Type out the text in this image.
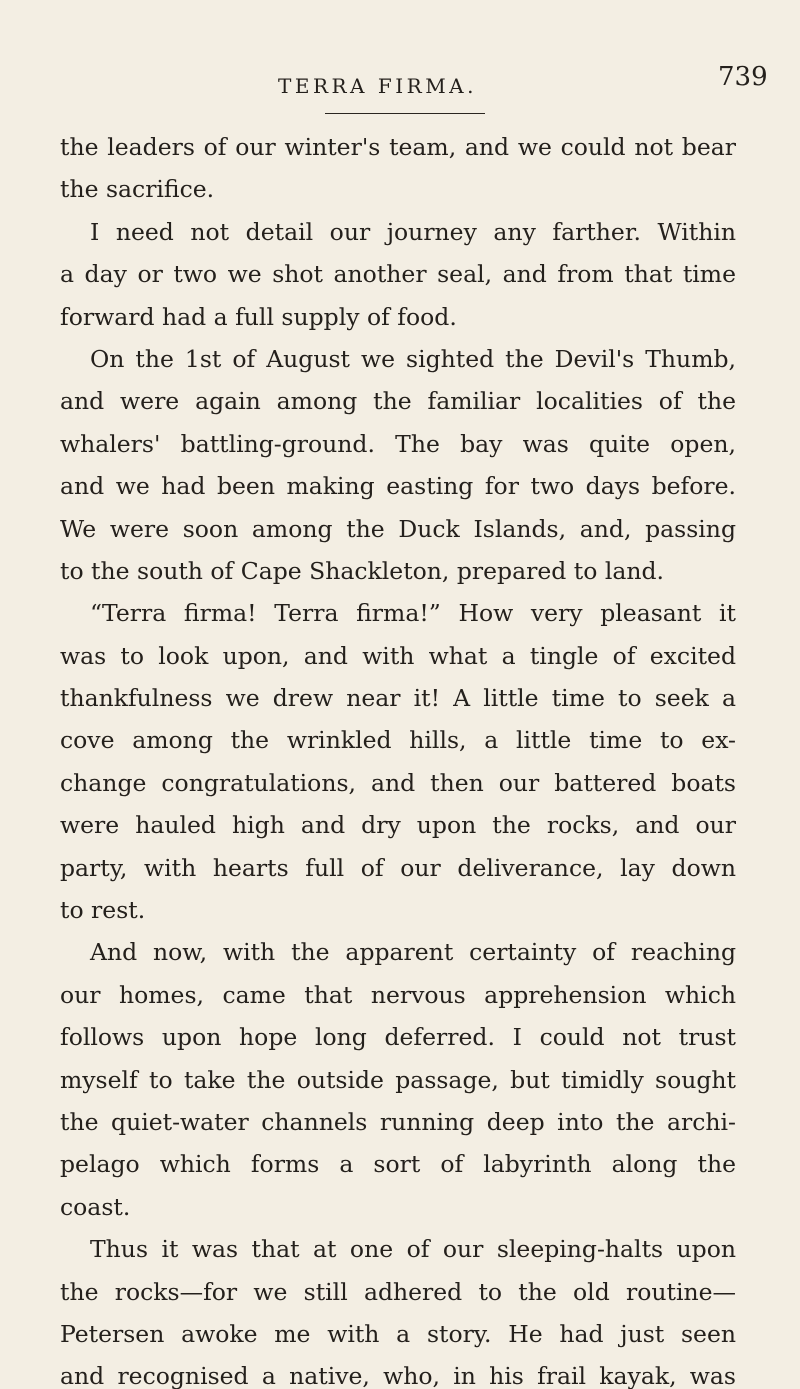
TERRA FIRMA.	739
the leaders of our winter's team, and we could not bear
the sacrifice.
I need not detail our journey any farther. Within
a day or two we shot another seal, and from that time
forward had a full supply of food.
On the 1st of August we sighted the Devil's Thumb,
and were again among the familiar localities of the
whalers' battling-ground. The bay was quite open,
and we had been making easting for two days before.
We were soon among the Duck Islands, and, passing
to the south of Cape Shackleton, prepared to land.
“Terra firma! Terra firma!” How very pleasant it
was to look upon, and with what a tingle of excited
thankfulness we drew near it! A little time to seek a
cove among the wrinkled hills, a little time to ex-
change congratulations, and then our battered boats
were hauled high and dry upon the rocks, and our
party, with hearts full of our deliverance, lay down
to rest.
And now, with the apparent certainty of reaching
our homes, came that nervous apprehension which
follows upon hope long deferred. I could not trust
myself to take the outside passage, but timidly sought
the quiet-water channels running deep into the archi-
pelago which forms a sort of labyrinth along the
coast.
Thus it was that at one of our sleeping-halts upon
the rocks—for we still adhered to the old routine—
Petersen awoke me with a story. He had just seen
and recognised a native, who, in his frail kayak, was
